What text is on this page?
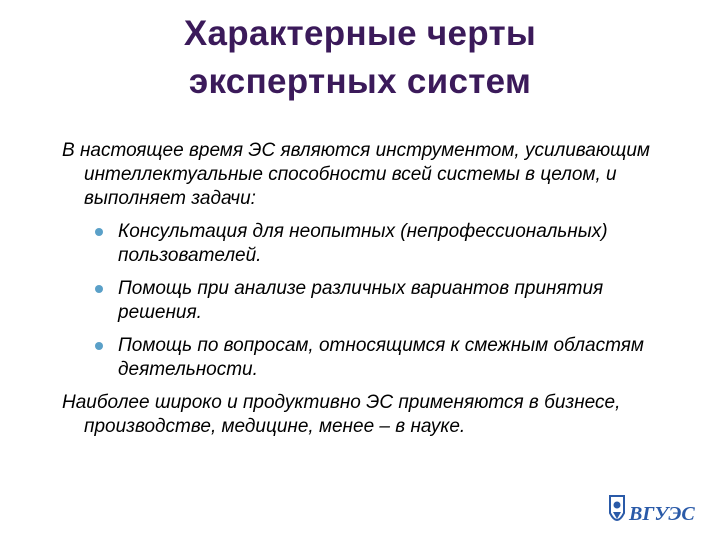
Характерные черты
экспертных систем

В настоящее время ЭС являются инструментом, усиливающим интеллектуальные способности всей системы в целом, и выполняет задачи:

Консультация для неопытных (непрофессиональных) пользователей.
Помощь при анализе различных вариантов принятия решения.
Помощь по вопросам, относящимся к смежным областям деятельности.

Наиболее широко и продуктивно ЭС применяются в бизнесе, производстве, медицине, менее – в науке.

ВГУЭС
